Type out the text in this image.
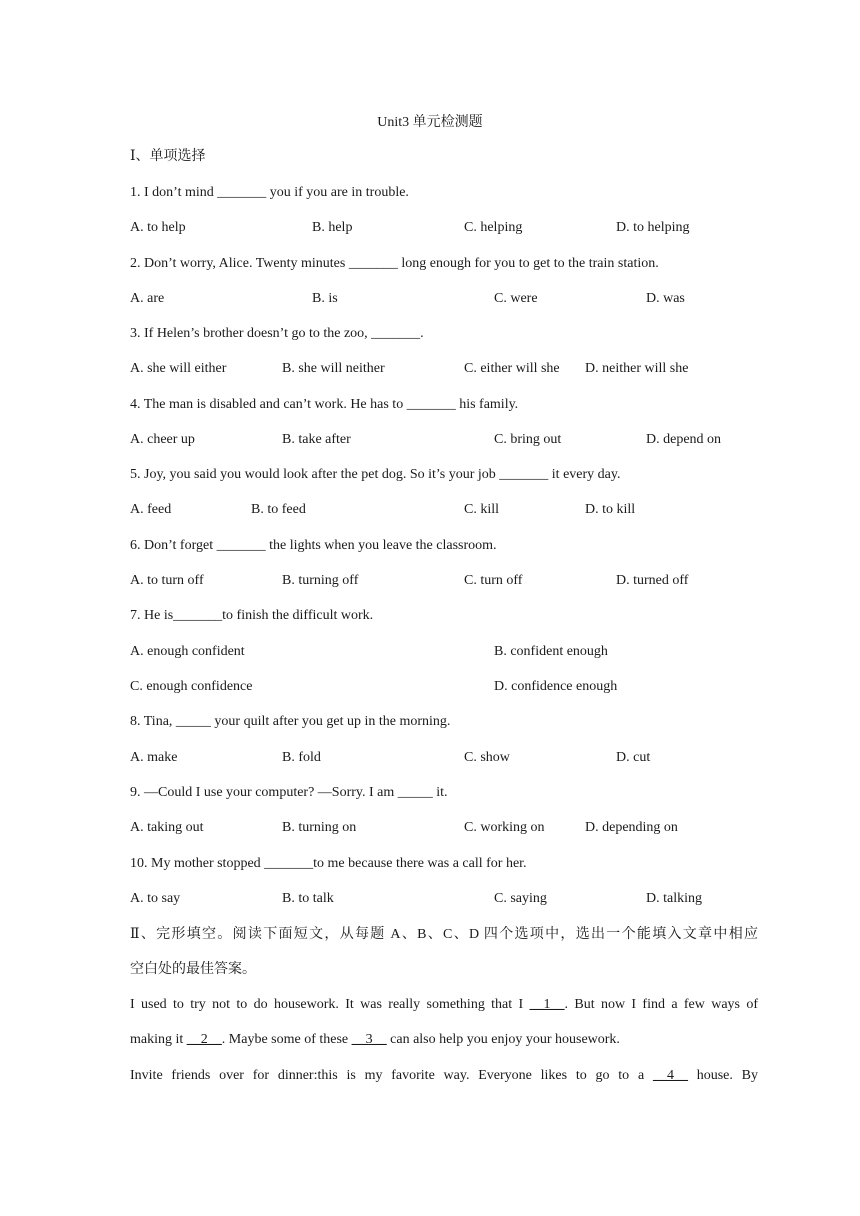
Unit3 单元检测题
Ⅰ、单项选择
1. I don’t mind _______ you if you are in trouble.
A. to help	B. help	C. helping	D. to helping
2. Don’t worry, Alice. Twenty minutes _______ long enough for you to get to the train station.
A. are	B. is	C. were	D. was
3. If Helen’s brother doesn’t go to the zoo, _______.
A. she will either	B. she will neither	C. either will she D. neither will she
4. The man is disabled and can’t work. He has to _______ his family.
A. cheer up	B. take after	C. bring out	D. depend on
5. Joy, you said you would look after the pet dog. So it’s your job _______ it every day.
A. feed	B. to feed	C. kill	D. to kill
6. Don’t forget _______ the lights when you leave the classroom.
A. to turn off	B. turning off	C. turn off	D. turned off
7. He is_______to finish the difficult work.
A. enough confident	B. confident enough
C. enough confidence	D. confidence enough
8. Tina, _____ your quilt after you get up in the morning.
A. make	B. fold	C. show	D. cut
9. —Could I use your computer? —Sorry. I am _____ it.
A. taking out	B. turning on	C. working on	D. depending on
10. My mother stopped _______to me because there was a call for her.
A. to say	B. to talk	C. saying	D. talking
Ⅱ、完形填空。阅读下面短文，从每题 A、B、C、D 四个选项中，选出一个能填入文章中相应
空白处的最佳答案。
I used to try not to do housework. It was really something that I __1__. But now I find a few ways of
making it __2__. Maybe some of these __3__ can also help you enjoy your housework.
Invite friends over for dinner:this is my favorite way. Everyone likes to go to a __4__ house. By
